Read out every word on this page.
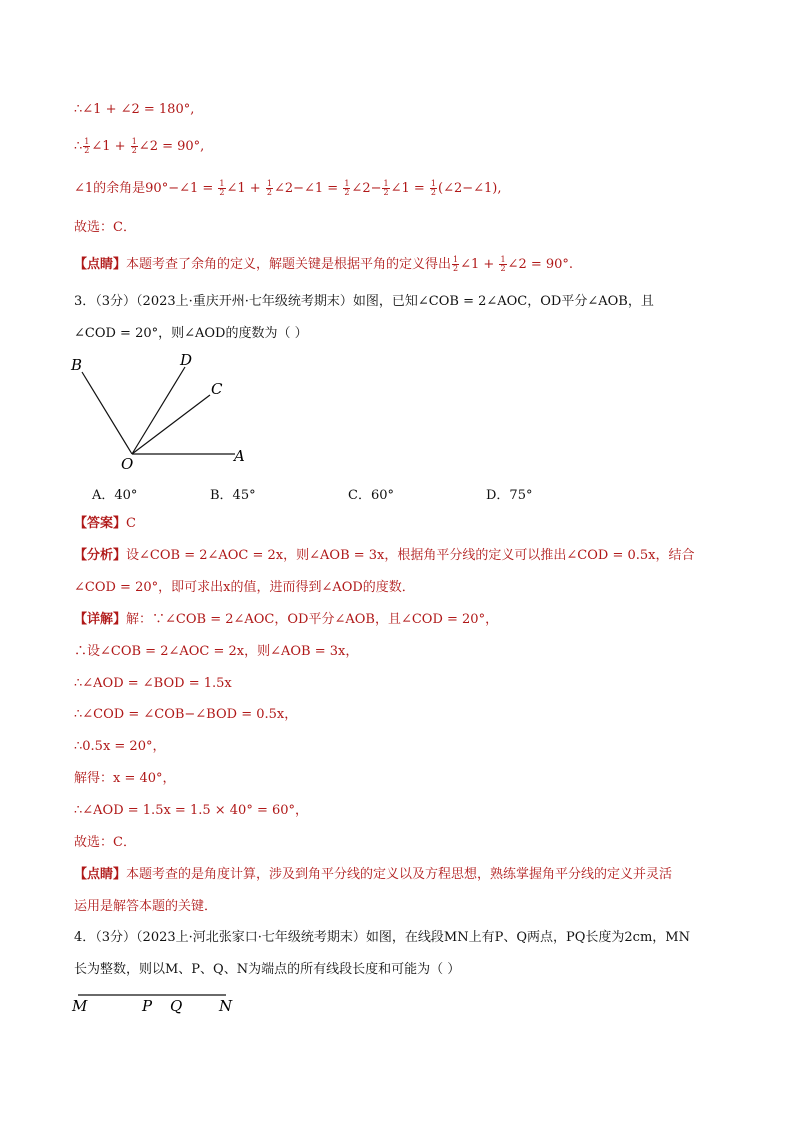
∴∠1 + ∠2 = 180°,
∴ $\frac{1}{2}$ ∠1 + $\frac{1}{2}$ ∠2 = 90°,
∠1的余角是90°−∠1 = $\frac{1}{2}$ ∠1 + $\frac{1}{2}$ ∠2−∠1 = $\frac{1}{2}$ ∠2− $\frac{1}{2}$ ∠1 = $\frac{1}{2}$ (∠2−∠1),
故选：C．
【点睛】本题考查了余角的定义，解题关键是根据平角的定义得出 $\frac{1}{2}$ ∠1 + $\frac{1}{2}$ ∠2 = 90°.
3．（3分）（2023上·重庆开州·七年级统考期末）如图，已知∠COB = 2∠AOC，OD平分∠AOB，且
∠COD = 20°，则∠AOD的度数为（ ）
B	D
C
O	A
A．40°	B．45°	C．60°	D．75°
【答案】C
【分析】设∠COB = 2∠AOC = 2x，则∠AOB = 3x，根据角平分线的定义可以推出∠COD = 0.5x，结合
∠COD = 20°，即可求出x的值，进而得到∠AOD的度数．
【详解】解：∵∠COB = 2∠AOC，OD平分∠AOB，且∠COD = 20°，
∴设∠COB = 2∠AOC = 2x，则∠AOB = 3x，
∴∠AOD = ∠BOD = 1.5x
∴∠COD = ∠COB−∠BOD = 0.5x，
∴0.5x = 20°，
解得：x = 40°，
∴∠AOD = 1.5x = 1.5 × 40° = 60°，
故选：C．
【点睛】本题考查的是角度计算，涉及到角平分线的定义以及方程思想，熟练掌握角平分线的定义并灵活
运用是解答本题的关键．
4．（3分）（2023上·河北张家口·七年级统考期末）如图，在线段MN上有P、Q两点，PQ长度为2cm，MN
长为整数，则以M、P、Q、N为端点的所有线段长度和可能为（ ）
M	P Q N
